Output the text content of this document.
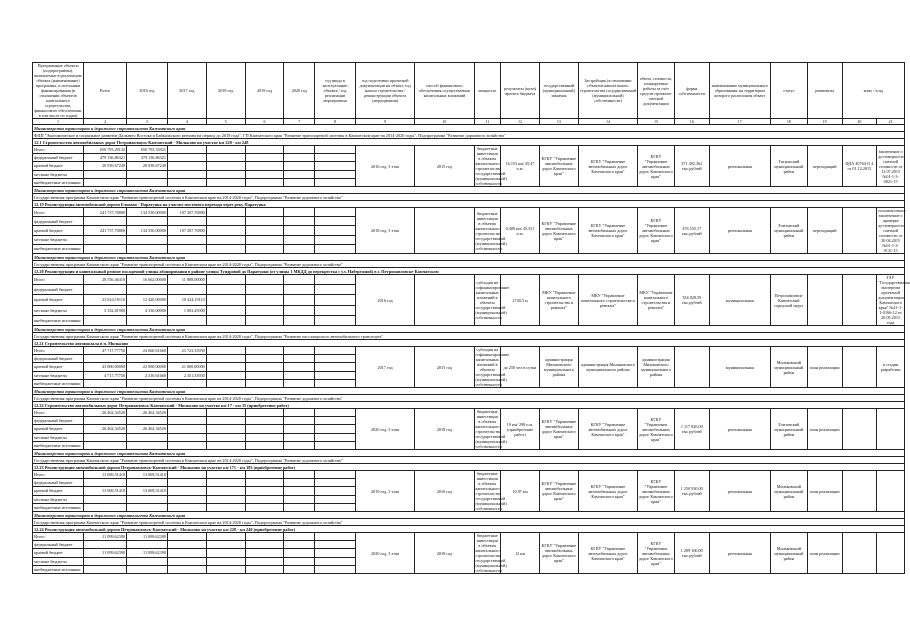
Программные объекты (подпрограммы), включаемые в реализацию объекта (наименование) программы, и источники финансирования (в отношении объектов капитального строительства, финансового обеспечения, в том числе по годам)	Всего	2016 год	2017 год	2018 год	2019 год	2020 год	год ввода в эксплуатацию объекта / год реализации мероприятия	год подготовки проектной документации на объект, год начала строительства / реконструкции объекта (мероприятия)	способ финансового обеспечения осуществления капитальных вложений	мощность	результаты (цели) проекта бюджета	государственный (муниципальный) заказчик	Застройщик (в отношении объектов капитального строительства государственной (муниципальной) собственности)	объем, стоимость, планируемые работы за счёт средств проектно-сметной документации	форма собственности	наименование муниципального образования, на территории которого расположен объект	статус	реквизиты	кому / в ид	
1	2	3	4	5	6	7	8	9	10	11	12	13	14	15	16	17	18	19	20	21
Министерство транспорта и дорожного строительства Камчатского края																				
ФЦП "Экономическое и социальное развитие Дальнего Востока и Байкальского региона на период до 2018 года", ГП Камчатского края "Развитие транспортной системы в Камчатском крае на 2014-2020 годы", Подпрограмма "Развитие дорожного хозяйства"																				
12.1 Строительство автомобильных дорог Петропавловск-Камчатский - Мильково на участке км 228 - км 248																				
Итого	650 793,29132	650 793,33921						2016 год, 3 этап	2015 год	бюджетные инвестиции в объекты капитального строительства государственной (муниципальной) собственности	16,153 км/ 45,47 п.м.	КГКУ "Управление автомобильных дорог Камчатского края"	КГКУ "Управление автомобильных дорог Камчатского края"	КГКУ "Управление автомобильных дорог Камчатского края"	371 492,362 тыс.рублей	региональная	Тигильский муниципальный район	переходящий	ФДА 40764-О 4 от 01.12.2015	заключение о достоверности сметной стоимости от 13.07.2015 №01-1-3-0821-15
федеральный бюджет	479 136,86321	479 136,86321																		
краевой бюджет	20 939,67240	20 939,67240																		
местные бюджеты																				
внебюджетные источники																				
Министерство транспорта и дорожного строительства Камчатского края																				
Государственная программа Камчатского края "Развитие транспортной системы в Камчатском крае на 2014-2020 годы", Подпрограмма "Развитие дорожного хозяйства"																				
12.19 Реконструкция автомобильной дороги Елизово - Паратунка на участке мостового перехода через реку Паратунка																				
Итого	241 737,76800	134 530,00000	107 207,76800					2018 год, 3 этап		бюджетные инвестиции в объекты капитального строительства государственной (муниципальной) собственности	0,409 км/ 45,351 п.м.	КГКУ "Управление автомобильных дорог Камчатского края"	КГКУ "Управление автомобильных дорог Камчатского края"	КГКУ "Управление автомобильных дорог Камчатского края"	476 535,17 тыс.рублей	региональная	Елизовский муниципальный район	переходящий		положительное заключение о проверке достоверности сметной стоимости от 30.04.2015 №01-1-3-0131-15
федеральный бюджет																				
краевой бюджет	241 737,76800	134 530,00000	107 207,76800																	
местные бюджеты																				
внебюджетные источники																				
Министерство транспорта и дорожного строительства Камчатского края																				
Государственная программа Камчатского края "Развитие транспортной системы в Камчатском крае на 2014-2020 годы", Подпрограмма "Развитие дорожного хозяйства"																				
12.20 Реконструкция и капитальный ремонт посадочной улицы абонирования в районе улицы Тундровой до Паратунки (от улицы 1 МКДД до перекрестка с ул. Набережной) в г. Петропавловске-Камчатском																				
Итого	28 556,46410	16 662,00000	11 888,00000					2016 год		субсидии на софинансирование капитальных вложений в объекты государственной (муниципальной) собственности	2740,3 м	МКУ "Управление капитального строительства и ремонта"	МКУ "Управление капитального строительства и ремонта"	МКУ "Управление капитального строительства и ремонта"	354 828,59 тыс.рублей	муниципальная	Петропавловск-Камчатский городской округ			ГАУ "Государственная экспертиза проектной документации Камчатского края" №41-1-1-0166-12 от 20.05.2015 года
федеральный бюджет																				
краевой бюджет	23 824,19110	12 420,00000	10 424,19110																	
местные бюджеты	5 332,81900	4 336,00000	1 003,45900																	
внебюджетные источники																				
Министерство транспорта и дорожного строительства Камчатского края																				
Государственная программа Камчатского края "Развитие транспортной системы в Камчатском крае на 2014-2020 годы", Подпрограмма "Развитие пассажирского автомобильного транспорта"																				
12.21 Строительство автовокзала в п. Мильково																				
Итого	47 717,77750	24 660,61660	23 723,33930					2017 год	2015 год	субсидии на софинансирование капитальных вложений в объекты государственной (муниципальной) собственности	до 250 чел в сутки	администрация Мильковского муниципального района	администрация Мильковского муниципального района	администрация Мильковского муниципального района		муниципальная	Мильковский муниципальный район	план реализации		в стадии разработки
федеральный бюджет																				
краевой бюджет	43 000,00000	22 000,00000	21 000,00000																	
местные бюджеты	4 717,77750	2 310,61660	2 351,33930																	
внебюджетные источники																				
Министерство транспорта и дорожного строительства Камчатского края																				
Государственная программа Камчатского края "Развитие транспортной системы в Камчатском крае на 2014-2020 годы", Подпрограмма "Развитие дорожного хозяйства"																				
12.22 Строительство автомобильных дорог Петропавловск-Камчатский - Мильково на участке км 17 - км 35 (приобретение работ)																				
Итого	26 462,34520	26 462,34520						2020 год, 3 этап	2018 год	бюджетные инвестиции в объекты капитального строительства государственной (муниципальной) собственности	10 км/ 298 п.м. (приобретение работ)	КГКУ "Управление автомобильных дорог Камчатского края"	КГКУ "Управление автомобильных дорог Камчатского края"	КГКУ "Управление автомобильных дорог Камчатского края"	1 117 820,00 тыс.рублей	региональная	Елизовский муниципальный район	план реализации		
федеральный бюджет																				
краевой бюджет	26 462,34520	26 462,34520																		
местные бюджеты																				
внебюджетные источники																				
Министерство транспорта и дорожного строительства Камчатского края																				
Государственная программа Камчатского края "Развитие транспортной системы в Камчатском крае на 2014-2020 годы", Подпрограмма "Развитие дорожного хозяйства"																				
12.23 Реконструкция автомобильной дороги Петропавловск-Камчатский - Мильково на участке км 171 - км 183 (приобретение работ)																				
Итого	13 069,51410	13 069,51410						2019 год, 3 этап	2016 год	бюджетные инвестиции в объекты капитального строительства государственной (муниципальной) собственности	10,97 км	КГКУ "Управление автомобильных дорог Камчатского края"	КГКУ "Управление автомобильных дорог Камчатского края"	КГКУ "Управление автомобильных дорог Камчатского края"	1 250 930,00 тыс.рублей	региональная	Мильковский муниципальный район	план реализации		
федеральный бюджет																				
краевой бюджет	13 069,51410	13 069,51410																		
местные бюджеты																				
внебюджетные источники																				
Министерство транспорта и дорожного строительства Камчатского края																				
Государственная программа Камчатского края "Развитие транспортной системы в Камчатском крае на 2014-2020 годы", Подпрограмма "Развитие дорожного хозяйства"																				
12.24 Реконструкция автомобильной дороги Петропавловск-Камчатский - Мильково на участке км 228 - км 240 (приобретение работ)																				
Итого	11 099,62390	11 099,62390						2020 год, 3 этап	2018 год	бюджетные инвестиции в объекты капитального строительства государственной (муниципальной) собственности	12 км	КГКУ "Управление автомобильных дорог Камчатского края"	КГКУ "Управление автомобильных дорог Камчатского края"	КГКУ "Управление автомобильных дорог Камчатского края"	1 209 100,00 тыс.рублей	региональная	Мильковский муниципальный район	план реализации		
федеральный бюджет																				
краевой бюджет	11 099,62390	11 099,62390																		
местные бюджеты																				
внебюджетные источники																				
